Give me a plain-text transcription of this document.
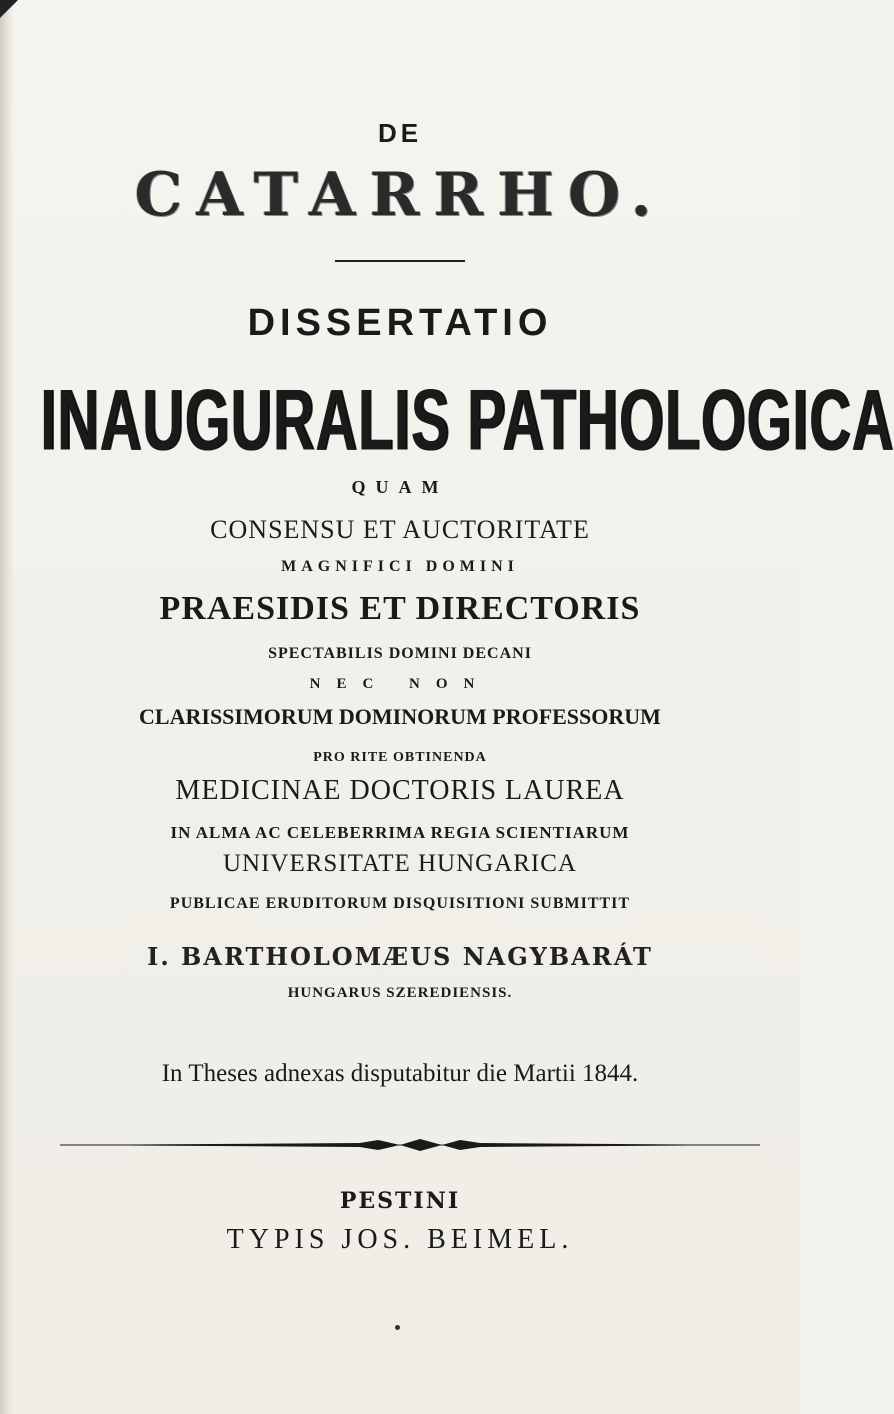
DE
CATARRHO.
DISSERTATIO
INAUGURALIS PATHOLOGICA
QUAM
CONSENSU ET AUCTORITATE
MAGNIFICI DOMINI
PRAESIDIS ET DIRECTORIS
SPECTABILIS DOMINI DECANI
NEC NON
CLARISSIMORUM DOMINORUM PROFESSORUM
PRO RITE OBTINENDA
MEDICINAE DOCTORIS LAUREA
IN ALMA AC CELEBERRIMA REGIA SCIENTIARUM
UNIVERSITATE HUNGARICA
PUBLICAE ERUDITORUM DISQUISITIONI SUBMITTIT
I. BARTHOLOMÆUS NAGYBARÁT
HUNGARUS SZEREDIENSIS.
In Theses adnexas disputabitur die Martii 1844.
PESTINI
TYPIS JOS. BEIMEL.
